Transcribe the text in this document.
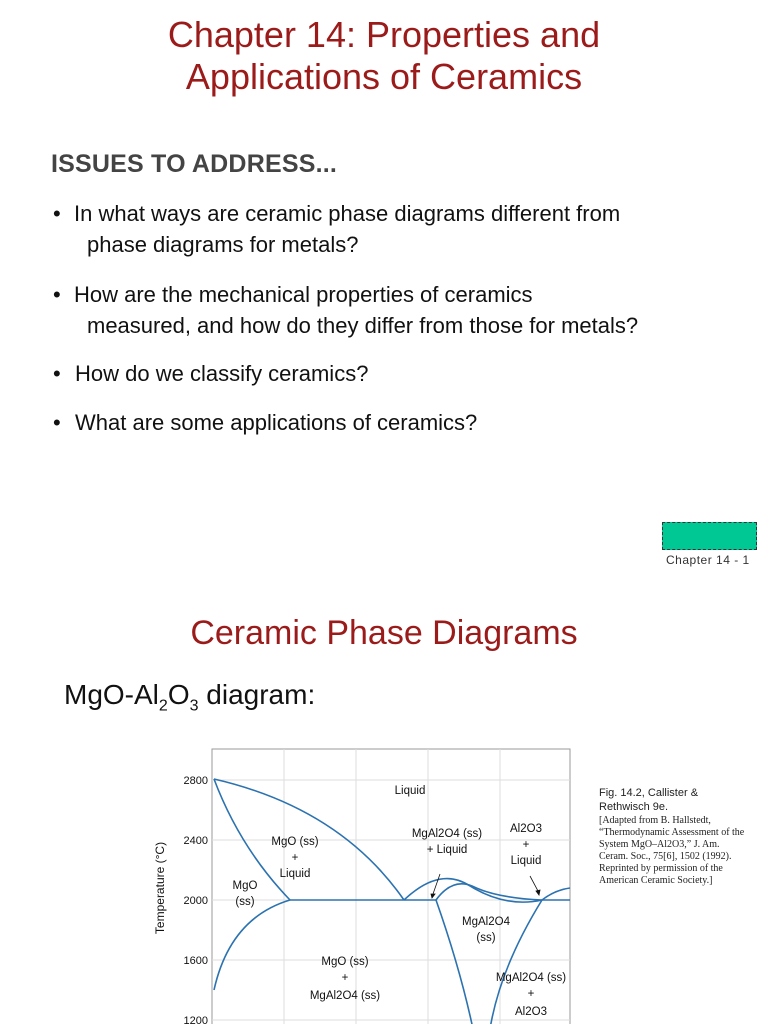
Chapter 14: Properties and
Applications of Ceramics
ISSUES TO ADDRESS...
• In what ways are ceramic phase diagrams different from
phase diagrams for metals?
• How are the mechanical properties of ceramics
measured, and how do they differ from those for metals?
• How do we classify ceramics?
• What are some applications of ceramics?
Chapter 14 - 1
Ceramic Phase Diagrams
MgO-$Al_2O_3$ diagram:
2800
2400
2000
1600
1200
Temperature (°C)
Liquid
MgO (ss)
+
Liquid
MgO
(ss)
MgAl2O4 (ss)
+ Liquid
Al2O3
+
Liquid
MgAl2O4
(ss)
MgO (ss)
+
MgAl2O4 (ss)
MgAl2O4 (ss)
+
Al2O3
Fig. 14.2, Callister & Rethwisch 9e.
[Adapted from B. Hallstedt, “Thermodynamic Assessment of the System MgO–Al2O3,” J. Am. Ceram. Soc., 75[6], 1502 (1992). Reprinted by permission of the American Ceramic Society.]
